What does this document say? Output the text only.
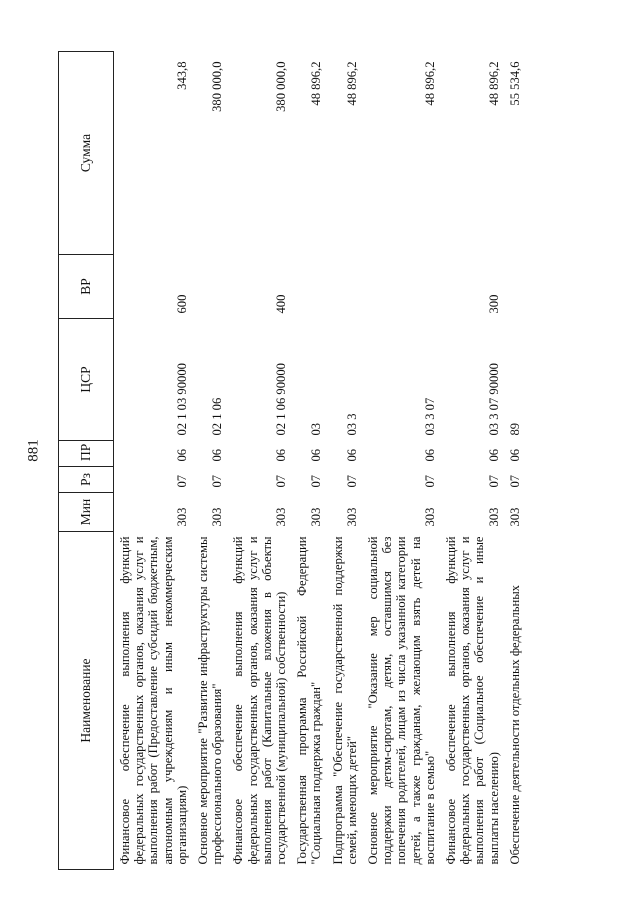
881
Наименование	Мин	Рз	ПР	ЦСР	ВР	Сумма
Финансовое обеспечение выполнения функций федеральных государственных органов, оказания услуг и выполнения работ (Предоставление субсидий бюджетным, автономным учреждениям и иным некоммерческим организациям)	303	07	06	02 1 03 90000	600	343,8
Основное мероприятие "Развитие инфраструктуры системы профессионального образования"	303	07	06	02 1 06		380 000,0
Финансовое обеспечение выполнения функций федеральных государственных органов, оказания услуг и выполнения работ (Капитальные вложения в объекты государственной (муниципальной) собственности)	303	07	06	02 1 06 90000	400	380 000,0
Государственная программа Российской Федерации "Социальная поддержка граждан"	303	07	06	03		48 896,2
Подпрограмма "Обеспечение государственной поддержки семей, имеющих детей"	303	07	06	03 3		48 896,2
Основное мероприятие "Оказание мер социальной поддержки детям-сиротам, детям, оставшимся без попечения родителей, лицам из числа указанной категории детей, а также гражданам, желающим взять детей на воспитание в семью"	303	07	06	03 3 07		48 896,2
Финансовое обеспечение выполнения функций федеральных государственных органов, оказания услуг и выполнения работ (Социальное обеспечение и иные выплаты населению)	303	07	06	03 3 07 90000	300	48 896,2
Обеспечение деятельности отдельных федеральных	303	07	06	89		55 534,6
